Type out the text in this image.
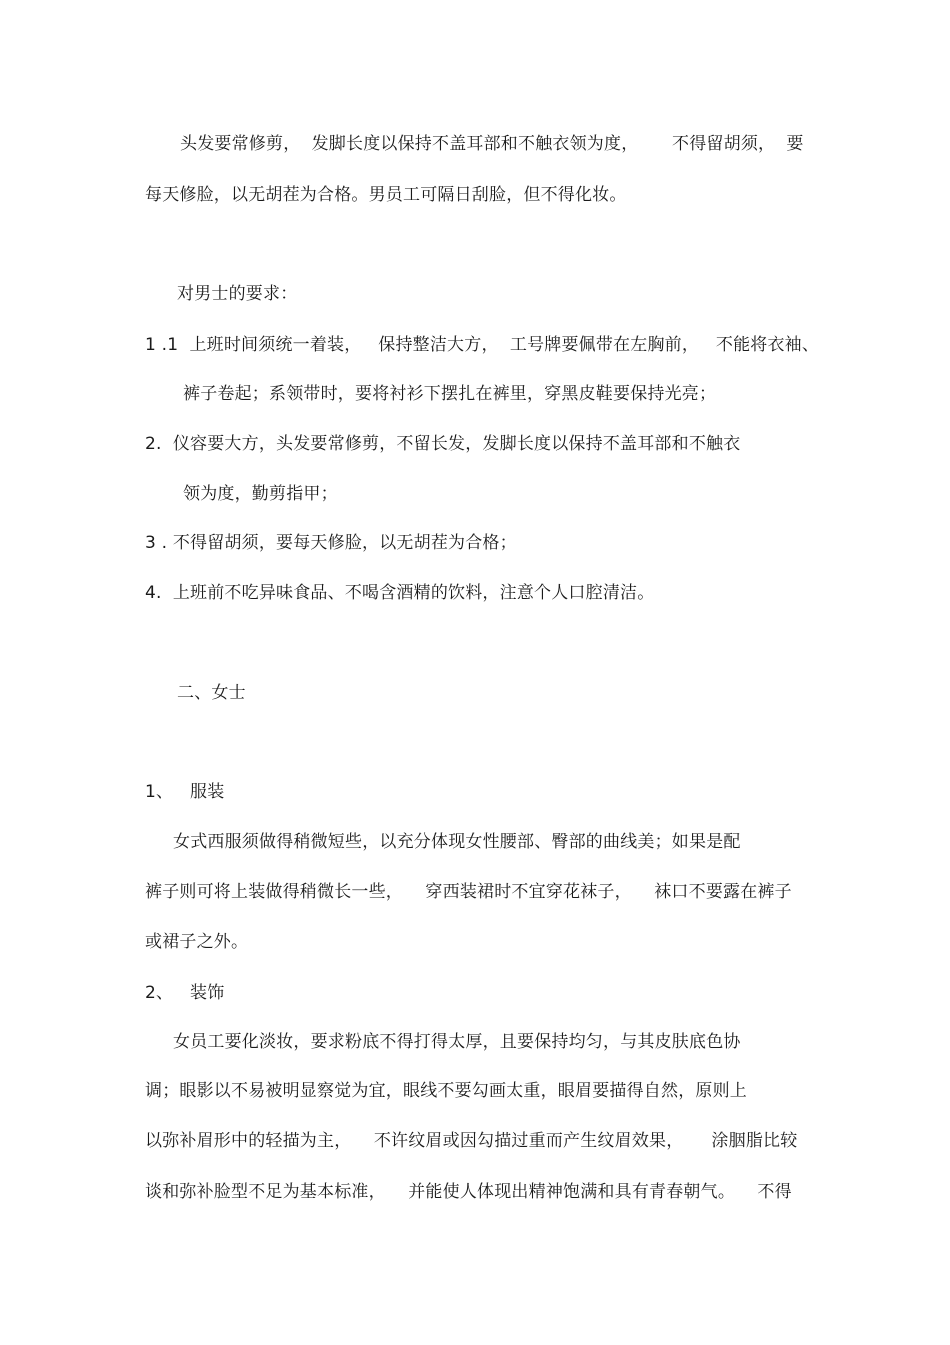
头发要常修剪，  发脚长度以保持不盖耳部和不触衣领为度，      不得留胡须，  要
每天修脸，以无胡茬为合格。男员工可隔日刮脸，但不得化妆。
对男士的要求：
1 .1  上班时间须统一着装，   保持整洁大方，  工号牌要佩带在左胸前，   不能将衣袖、
裤子卷起；系领带时，要将衬衫下摆扎在裤里，穿黑皮鞋要保持光亮；
2.  仪容要大方，头发要常修剪，不留长发，发脚长度以保持不盖耳部和不触衣
领为度，勤剪指甲；
3 . 不得留胡须，要每天修脸，以无胡茬为合格；
4.  上班前不吃异味食品、不喝含酒精的饮料，注意个人口腔清洁。
二、女士
1、   服装
女式西服须做得稍微短些，以充分体现女性腰部、臀部的曲线美；如果是配
裤子则可将上装做得稍微长一些，    穿西装裙时不宜穿花袜子，    袜口不要露在裤子
或裙子之外。
2、   装饰
女员工要化淡妆，要求粉底不得打得太厚，且要保持均匀，与其皮肤底色协
调；眼影以不易被明显察觉为宜，眼线不要勾画太重，眼眉要描得自然，原则上
以弥补眉形中的轻描为主，    不许纹眉或因勾描过重而产生纹眉效果，     涂胭脂比较
谈和弥补脸型不足为基本标准，    并能使人体现出精神饱满和具有青春朝气。    不得
